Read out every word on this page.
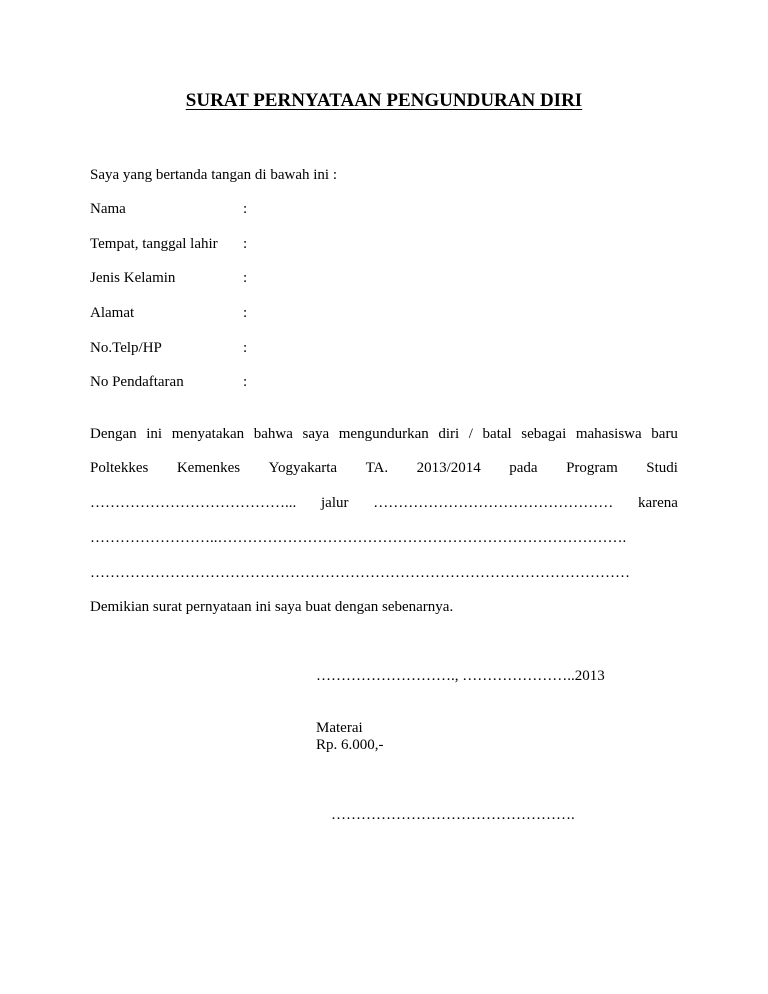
SURAT PERNYATAAN PENGUNDURAN DIRI
Saya yang bertanda tangan di bawah ini :
Nama	:
Tempat, tanggal lahir :
Jenis Kelamin	:
Alamat	:
No.Telp/HP	:
No Pendaftaran	:
Dengan ini menyatakan bahwa saya mengundurkan diri / batal sebagai mahasiswa baru
Poltekkes Kemenkes Yogyakarta TA. 2013/2014 pada Program Studi
…………………………………... jalur ………………………………………… karena
……………………..……………………………………………………………………….
………………………………………………………………………………………………
Demikian surat pernyataan ini saya buat dengan sebenarnya.
………………………., …………………..2013
Materai
Rp. 6.000,-
………………………………………….
